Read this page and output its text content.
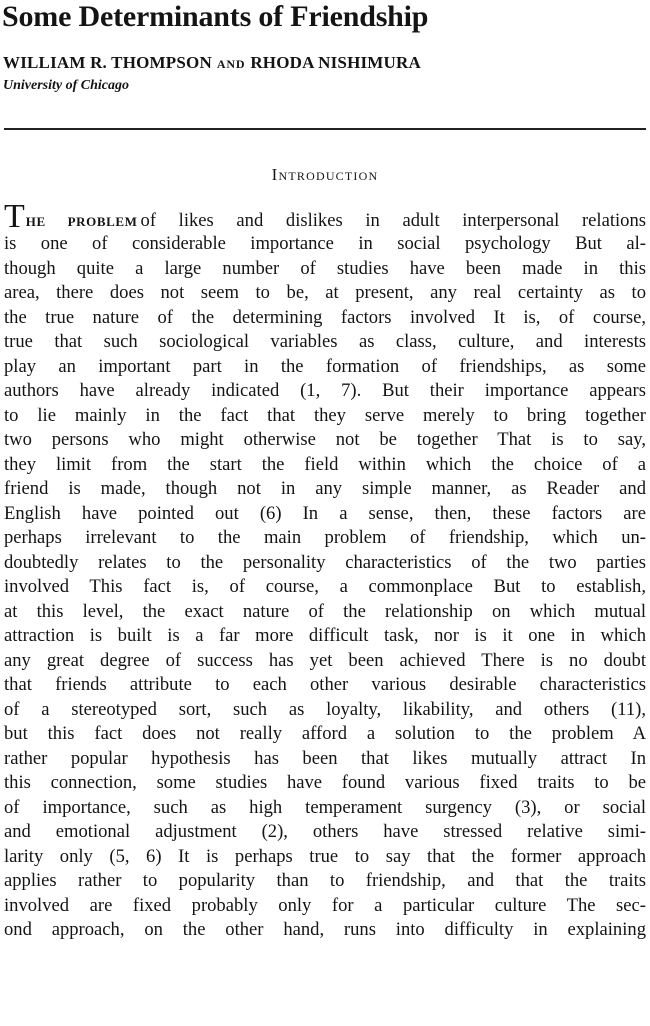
Some Determinants of Friendship
WILLIAM R. THOMPSON AND RHODA NISHIMURA
University of Chicago
Introduction
THE PROBLEM of likes and dislikes in adult interpersonal relations
is one of considerable importance in social psychology But al-
though quite a large number of studies have been made in this
area, there does not seem to be, at present, any real certainty as to
the true nature of the determining factors involved It is, of course,
true that such sociological variables as class, culture, and interests
play an important part in the formation of friendships, as some
authors have already indicated (1, 7). But their importance appears
to lie mainly in the fact that they serve merely to bring together
two persons who might otherwise not be together That is to say,
they limit from the start the field within which the choice of a
friend is made, though not in any simple manner, as Reader and
English have pointed out (6) In a sense, then, these factors are
perhaps irrelevant to the main problem of friendship, which un-
doubtedly relates to the personality characteristics of the two parties
involved This fact is, of course, a commonplace But to establish,
at this level, the exact nature of the relationship on which mutual
attraction is built is a far more difficult task, nor is it one in which
any great degree of success has yet been achieved There is no doubt
that friends attribute to each other various desirable characteristics
of a stereotyped sort, such as loyalty, likability, and others (11),
but this fact does not really afford a solution to the problem A
rather popular hypothesis has been that likes mutually attract In
this connection, some studies have found various fixed traits to be
of importance, such as high temperament surgency (3), or social
and emotional adjustment (2), others have stressed relative simi-
larity only (5, 6) It is perhaps true to say that the former approach
applies rather to popularity than to friendship, and that the traits
involved are fixed probably only for a particular culture The sec-
ond approach, on the other hand, runs into difficulty in explaining
